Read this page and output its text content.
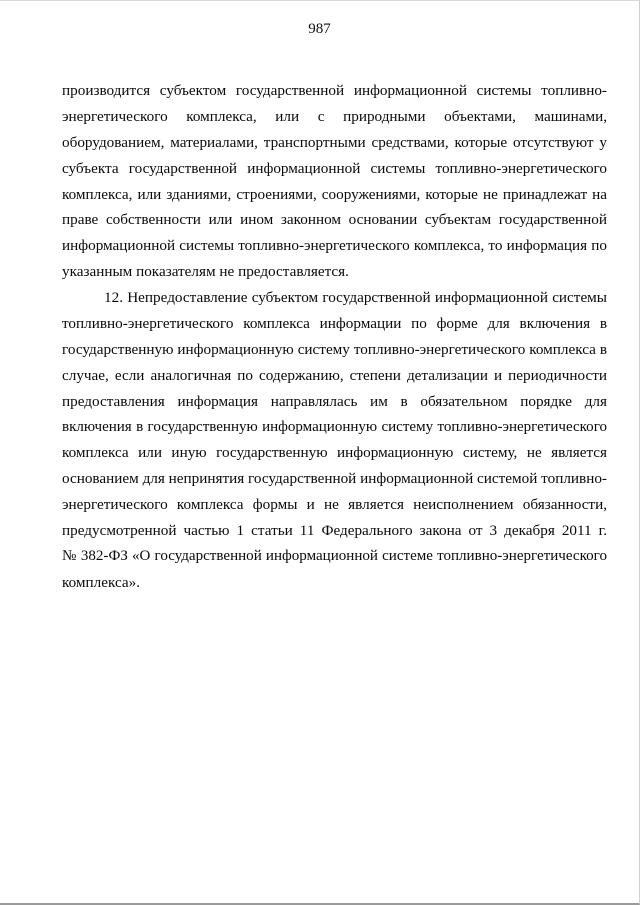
987
производится субъектом государственной информационной системы топливно-
энергетического комплекса, или с природными объектами, машинами,
оборудованием, материалами, транспортными средствами, которые отсутствуют у
субъекта государственной информационной системы топливно-энергетического
комплекса, или зданиями, строениями, сооружениями, которые не принадлежат на
праве собственности или ином законном основании субъектам государственной
информационной системы топливно-энергетического комплекса, то информация по
указанным показателям не предоставляется.
12. Непредоставление субъектом государственной информационной системы
топливно-энергетического комплекса информации по форме для включения в
государственную информационную систему топливно-энергетического комплекса в
случае, если аналогичная по содержанию, степени детализации и периодичности
предоставления информация направлялась им в обязательном порядке для
включения в государственную информационную систему топливно-энергетического
комплекса или иную государственную информационную систему, не является
основанием для непринятия государственной информационной системой топливно-
энергетического комплекса формы и не является неисполнением обязанности,
предусмотренной частью 1 статьи 11 Федерального закона от 3 декабря 2011 г.
№ 382-ФЗ «О государственной информационной системе топливно-энергетического
комплекса».
